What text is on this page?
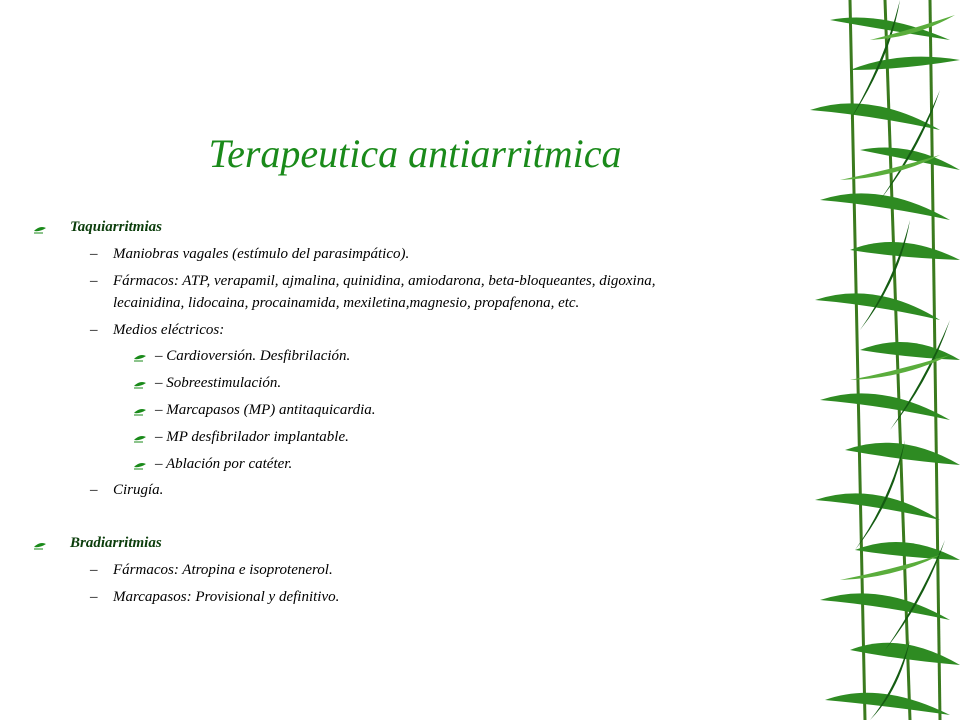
Terapeutica antiarritmica
Taquiarritmias
– Maniobras vagales (estímulo del parasimpático).
– Fármacos: ATP, verapamil, ajmalina, quinidina, amiodarona, beta-bloqueantes, digoxina,
lecainidina, lidocaina, procainamida, mexiletina,magnesio, propafenona, etc.
– Medios eléctricos:
– Cardioversión. Desfibrilación.
– Sobreestimulación.
– Marcapasos (MP) antitaquicardia.
– MP desfibrilador implantable.
– Ablación por catéter.
– Cirugía.
Bradiarritmias
– Fármacos: Atropina e isoprotenerol.
– Marcapasos: Provisional y definitivo.
